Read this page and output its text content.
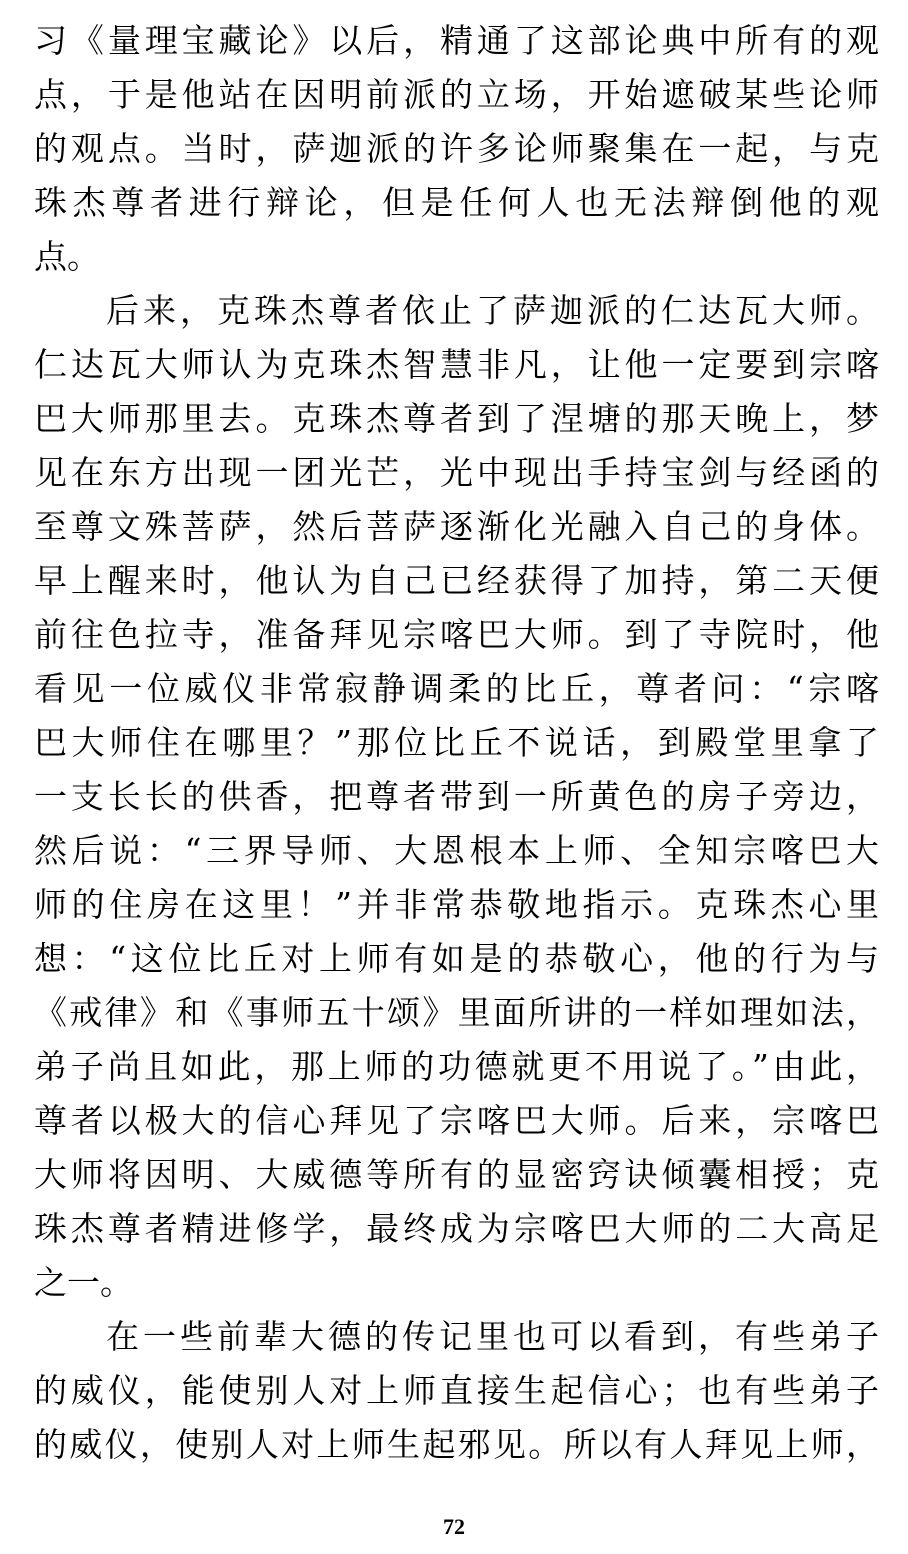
习《量理宝藏论》以后，精通了这部论典中所有的观
点，于是他站在因明前派的立场，开始遮破某些论师
的观点。当时，萨迦派的许多论师聚集在一起，与克
珠杰尊者进行辩论，但是任何人也无法辩倒他的观
点。
后来，克珠杰尊者依止了萨迦派的仁达瓦大师。
仁达瓦大师认为克珠杰智慧非凡，让他一定要到宗喀
巴大师那里去。克珠杰尊者到了涅塘的那天晚上，梦
见在东方出现一团光芒，光中现出手持宝剑与经函的
至尊文殊菩萨，然后菩萨逐渐化光融入自己的身体。
早上醒来时，他认为自己已经获得了加持，第二天便
前往色拉寺，准备拜见宗喀巴大师。到了寺院时，他
看见一位威仪非常寂静调柔的比丘，尊者问：“宗喀
巴大师住在哪里？”那位比丘不说话，到殿堂里拿了
一支长长的供香，把尊者带到一所黄色的房子旁边，
然后说：“三界导师、大恩根本上师、全知宗喀巴大
师的住房在这里！”并非常恭敬地指示。克珠杰心里
想：“这位比丘对上师有如是的恭敬心，他的行为与
《戒律》和《事师五十颂》里面所讲的一样如理如法，
弟子尚且如此，那上师的功德就更不用说了。”由此，
尊者以极大的信心拜见了宗喀巴大师。后来，宗喀巴
大师将因明、大威德等所有的显密窍诀倾囊相授；克
珠杰尊者精进修学，最终成为宗喀巴大师的二大高足
之一。
在一些前辈大德的传记里也可以看到，有些弟子
的威仪，能使别人对上师直接生起信心；也有些弟子
的威仪，使别人对上师生起邪见。所以有人拜见上师，
72
